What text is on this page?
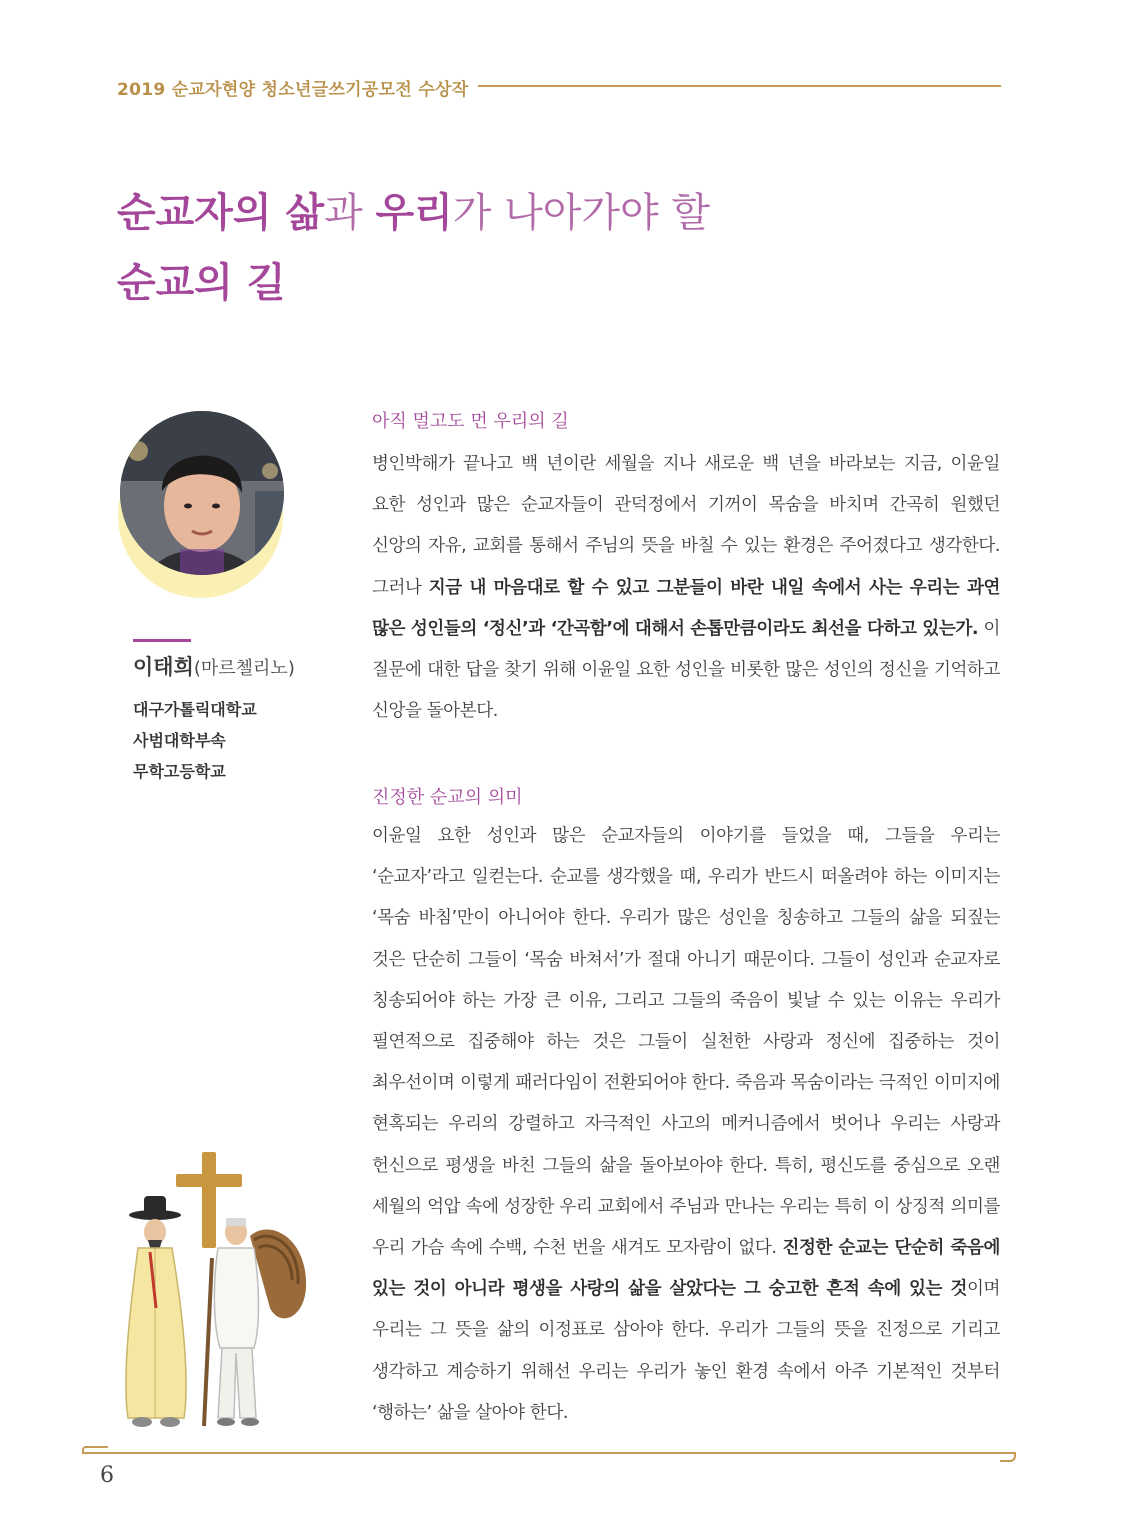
2019 순교자현양 청소년글쓰기공모전 수상작
순교자의 삶과 우리가 나아가야 할
순교의 길
이태희(마르첼리노)
대구가톨릭대학교
사범대학부속
무학고등학교
아직 멀고도 먼 우리의 길
병인박해가 끝나고 백 년이란 세월을 지나 새로운 백 년을 바라보는 지금, 이윤일 요한 성인과 많은 순교자들이 관덕정에서 기꺼이 목숨을 바치며 간곡히 원했던 신앙의 자유, 교회를 통해서 주님의 뜻을 바칠 수 있는 환경은 주어졌다고 생각한다. 그러나 지금 내 마음대로 할 수 있고 그분들이 바란 내일 속에서 사는 우리는 과연 많은 성인들의 ‘정신’과 ‘간곡함’에 대해서 손톱만큼이라도 최선을 다하고 있는가. 이 질문에 대한 답을 찾기 위해 이윤일 요한 성인을 비롯한 많은 성인의 정신을 기억하고 신앙을 돌아본다.
진정한 순교의 의미
이윤일 요한 성인과 많은 순교자들의 이야기를 들었을 때, 그들을 우리는 ‘순교자’라고 일컫는다. 순교를 생각했을 때, 우리가 반드시 떠올려야 하는 이미지는 ‘목숨 바침’만이 아니어야 한다. 우리가 많은 성인을 칭송하고 그들의 삶을 되짚는 것은 단순히 그들이 ‘목숨 바쳐서’가 절대 아니기 때문이다. 그들이 성인과 순교자로 칭송되어야 하는 가장 큰 이유, 그리고 그들의 죽음이 빛날 수 있는 이유는 우리가 필연적으로 집중해야 하는 것은 그들이 실천한 사랑과 정신에 집중하는 것이 최우선이며 이렇게 패러다임이 전환되어야 한다. 죽음과 목숨이라는 극적인 이미지에 현혹되는 우리의 강렬하고 자극적인 사고의 메커니즘에서 벗어나 우리는 사랑과 헌신으로 평생을 바친 그들의 삶을 돌아보아야 한다. 특히, 평신도를 중심으로 오랜 세월의 억압 속에 성장한 우리 교회에서 주님과 만나는 우리는 특히 이 상징적 의미를 우리 가슴 속에 수백, 수천 번을 새겨도 모자람이 없다. 진정한 순교는 단순히 죽음에 있는 것이 아니라 평생을 사랑의 삶을 살았다는 그 숭고한 흔적 속에 있는 것이며 우리는 그 뜻을 삶의 이정표로 삼아야 한다. 우리가 그들의 뜻을 진정으로 기리고 생각하고 계승하기 위해선 우리는 우리가 놓인 환경 속에서 아주 기본적인 것부터 ‘행하는’ 삶을 살아야 한다.
6
